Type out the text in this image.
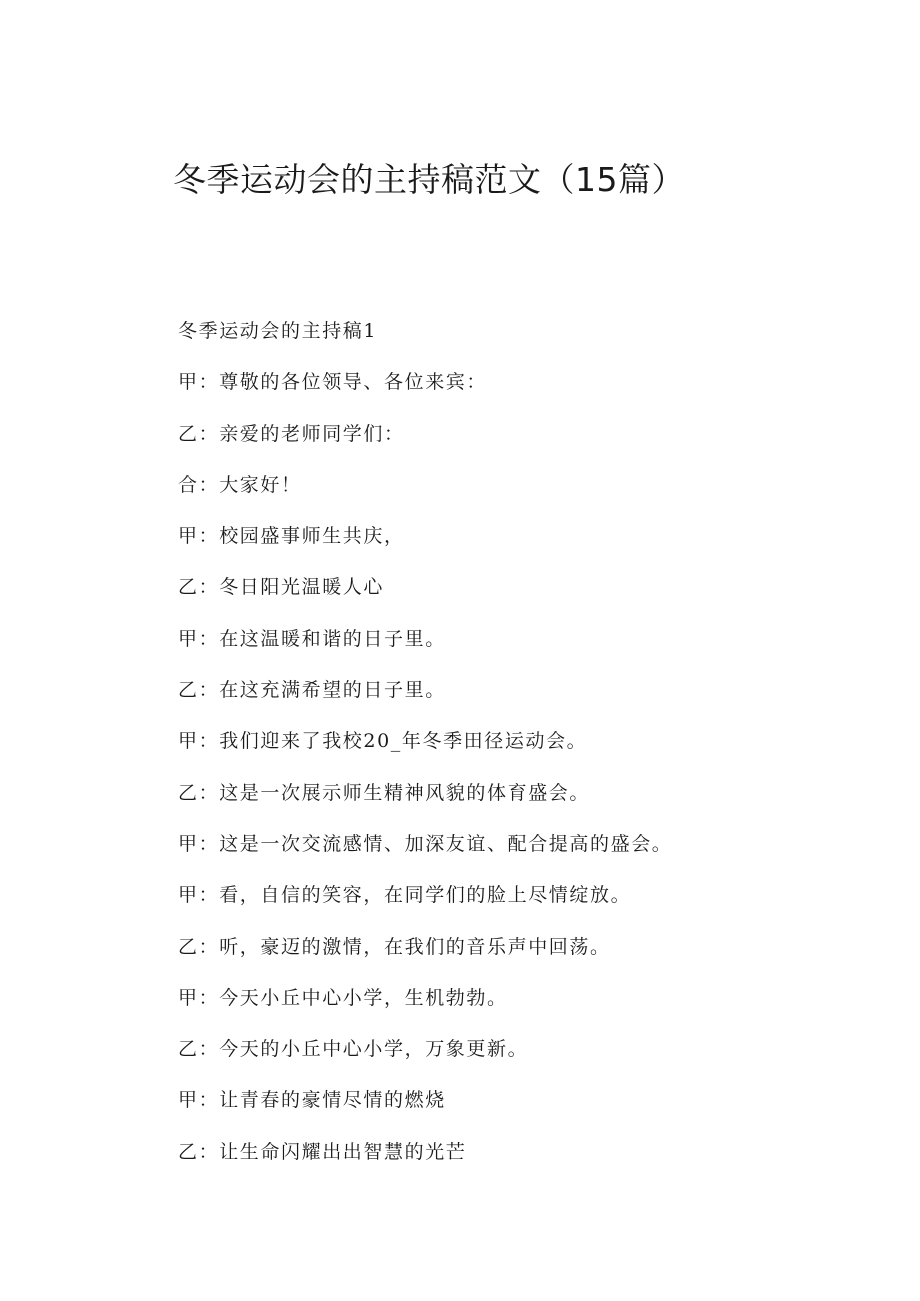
冬季运动会的主持稿范文（15篇）
冬季运动会的主持稿1
甲：尊敬的各位领导、各位来宾：
乙：亲爱的老师同学们：
合：大家好！
甲：校园盛事师生共庆，
乙：冬日阳光温暖人心
甲：在这温暖和谐的日子里。
乙：在这充满希望的日子里。
甲：我们迎来了我校20_年冬季田径运动会。
乙：这是一次展示师生精神风貌的体育盛会。
甲：这是一次交流感情、加深友谊、配合提高的盛会。
甲：看，自信的笑容，在同学们的脸上尽情绽放。
乙：听，豪迈的激情，在我们的音乐声中回荡。
甲：今天小丘中心小学，生机勃勃。
乙：今天的小丘中心小学，万象更新。
甲：让青春的豪情尽情的燃烧
乙：让生命闪耀出出智慧的光芒
